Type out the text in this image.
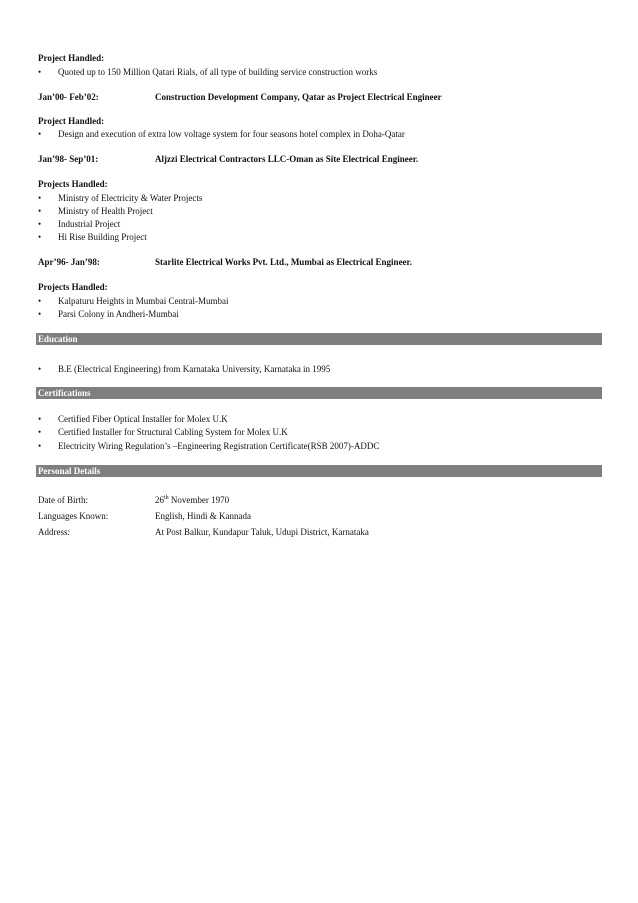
Project Handled:
• Quoted up to 150 Million Qatari Rials, of all type of building service construction works
Jan’00- Feb’02:	Construction Development Company, Qatar as Project Electrical Engineer
Project Handled:
• Design and execution of extra low voltage system for four seasons hotel complex in Doha-Qatar
Jan’98- Sep’01:	Aljzzi Electrical Contractors LLC-Oman as Site Electrical Engineer.
Projects Handled:
• Ministry of Electricity & Water Projects
• Ministry of Health Project
• Industrial Project
• Hi Rise Building Project
Apr’96- Jan’98:	Starlite Electrical Works Pvt. Ltd., Mumbai as Electrical Engineer.
Projects Handled:
• Kalpaturu Heights in Mumbai Central-Mumbai
• Parsi Colony in Andheri-Mumbai
Education
• B.E (Electrical Engineering) from Karnataka University, Karnataka in 1995
Certifications
• Certified Fiber Optical Installer for Molex U.K
• Certified Installer for Structural Cabling System for Molex U.K
• Electricity Wiring Regulation’s –Engineering Registration Certificate(RSB 2007)-ADDC
Personal Details
Date of Birth:	26th November 1970
Languages Known:	English, Hindi & Kannada
Address:	At Post Balkur, Kundapur Taluk, Udupi District, Karnataka
